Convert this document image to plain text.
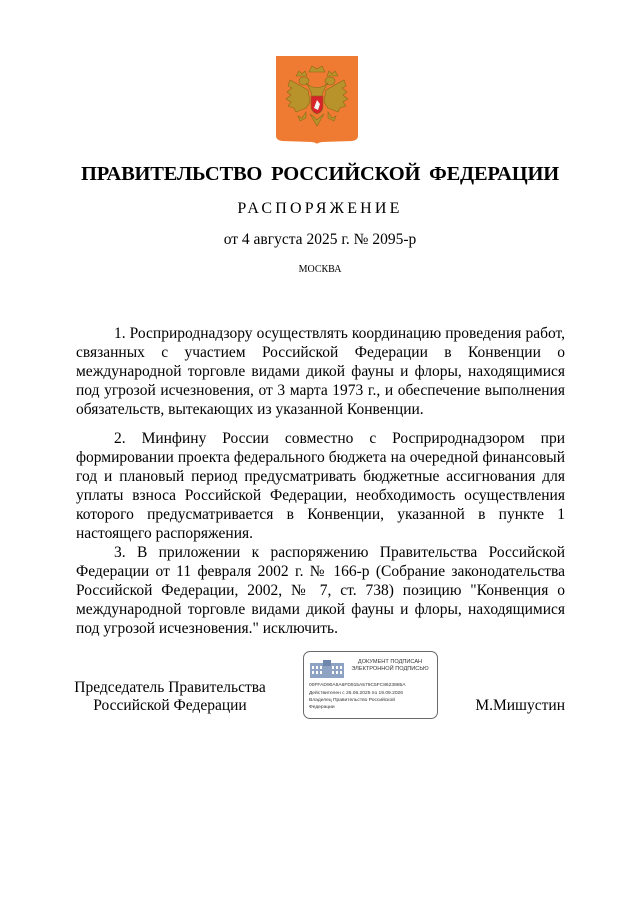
ПРАВИТЕЛЬСТВО РОССИЙСКОЙ ФЕДЕРАЦИИ
РАСПОРЯЖЕНИЕ
от 4 августа 2025 г. № 2095-р
МОСКВА

1. Росприроднадзору осуществлять координацию проведения работ, связанных с участием Российской Федерации в Конвенции о международной торговле видами дикой фауны и флоры, находящимися под угрозой исчезновения, от 3 марта 1973 г., и обеспечение выполнения обязательств, вытекающих из указанной Конвенции.

2. Минфину России совместно с Росприроднадзором при формировании проекта федерального бюджета на очередной финансовый год и плановый период предусматривать бюджетные ассигнования для уплаты взноса Российской Федерации, необходимость осуществления которого предусматривается в Конвенции, указанной в пункте 1 настоящего распоряжения.

3. В приложении к распоряжению Правительства Российской Федерации от 11 февраля 2002 г. № 166-р (Собрание законодательства Российской Федерации, 2002, № 7, ст. 738) позицию "Конвенция о международной торговле видами дикой фауны и флоры, находящимися под угрозой исчезновения." исключить.

Председатель Правительства
Российской Федерации
ДОКУМЕНТ ПОДПИСАН
ЭЛЕКТРОННОЙ ПОДПИСЬЮ
00FFAD90A5A6FD915A579C5FC8623885A
Действителен с 26.06.2025 по 19.09.2026
Владелец Правительство Российской
Федерации	М.Мишустин
